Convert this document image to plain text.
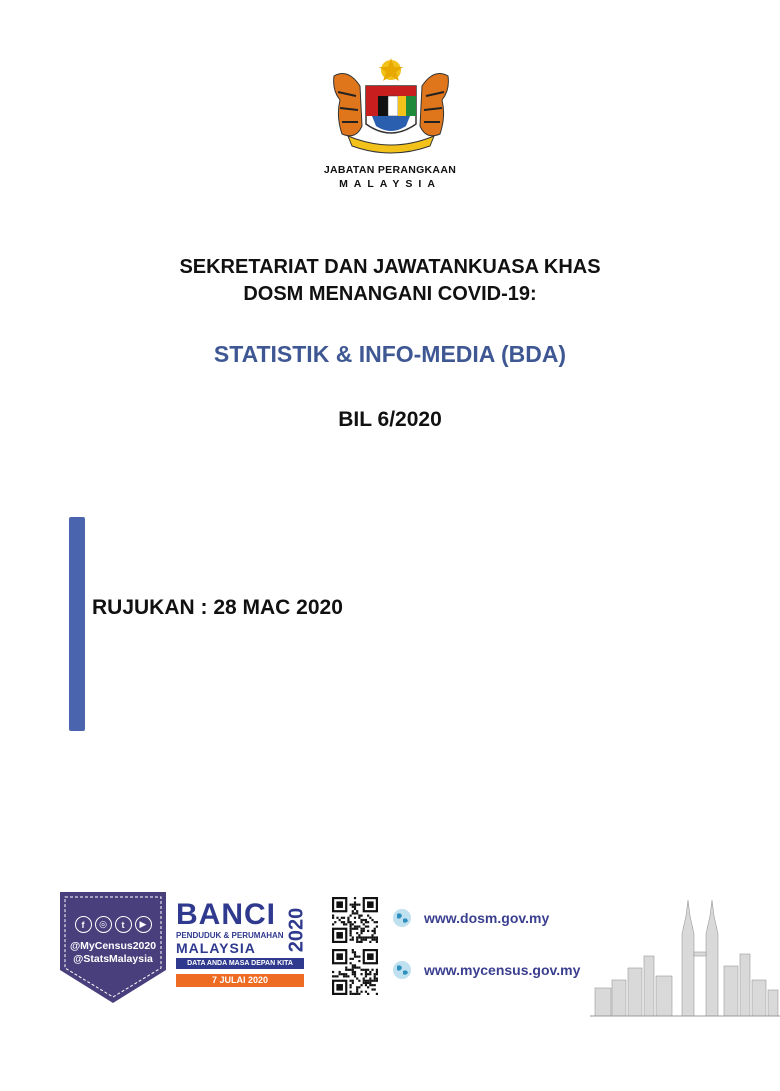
JABATAN PERANGKAAN
MALAYSIA
SEKRETARIAT DAN JAWATANKUASA KHAS
DOSM MENANGANI COVID-19:
STATISTIK & INFO-MEDIA (BDA)
BIL 6/2020
RUJUKAN : 28 MAC 2020
f	◎	t	▶
@MyCensus2020
@StatsMalaysia
BANCI
PENDUDUK & PERUMAHAN
MALAYSIA 2020
DATA ANDA MASA DEPAN KITA
7 JULAI 2020
www.dosm.gov.my
www.mycensus.gov.my
